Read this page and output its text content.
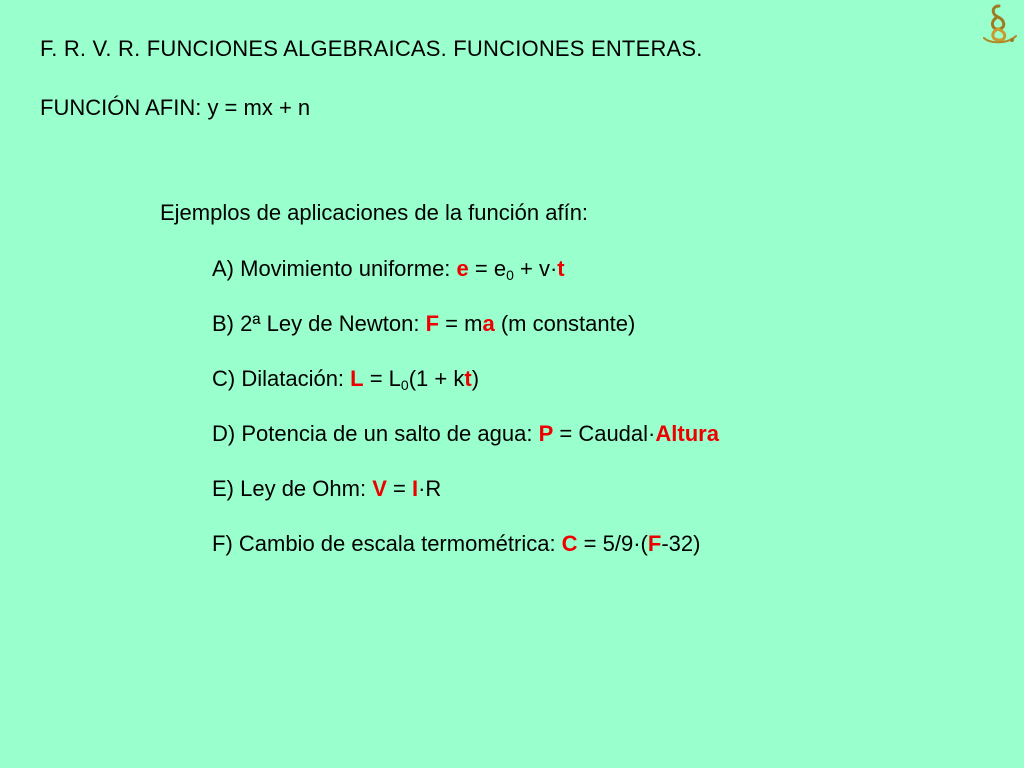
F. R. V. R. FUNCIONES ALGEBRAICAS. FUNCIONES ENTERAS.
FUNCIÓN AFIN: y = mx + n
Ejemplos de aplicaciones de la función afín:
A) Movimiento uniforme: $e = e_0 + v\cdot t$
B) 2ª Ley de Newton: F = ma (m constante)
C) Dilatación: $L = L_0(1 + kt)$
D) Potencia de un salto de agua: P = Caudal·Altura
E) Ley de Ohm: V = I·R
F) Cambio de escala termométrica: C = 5/9·(F-32)
